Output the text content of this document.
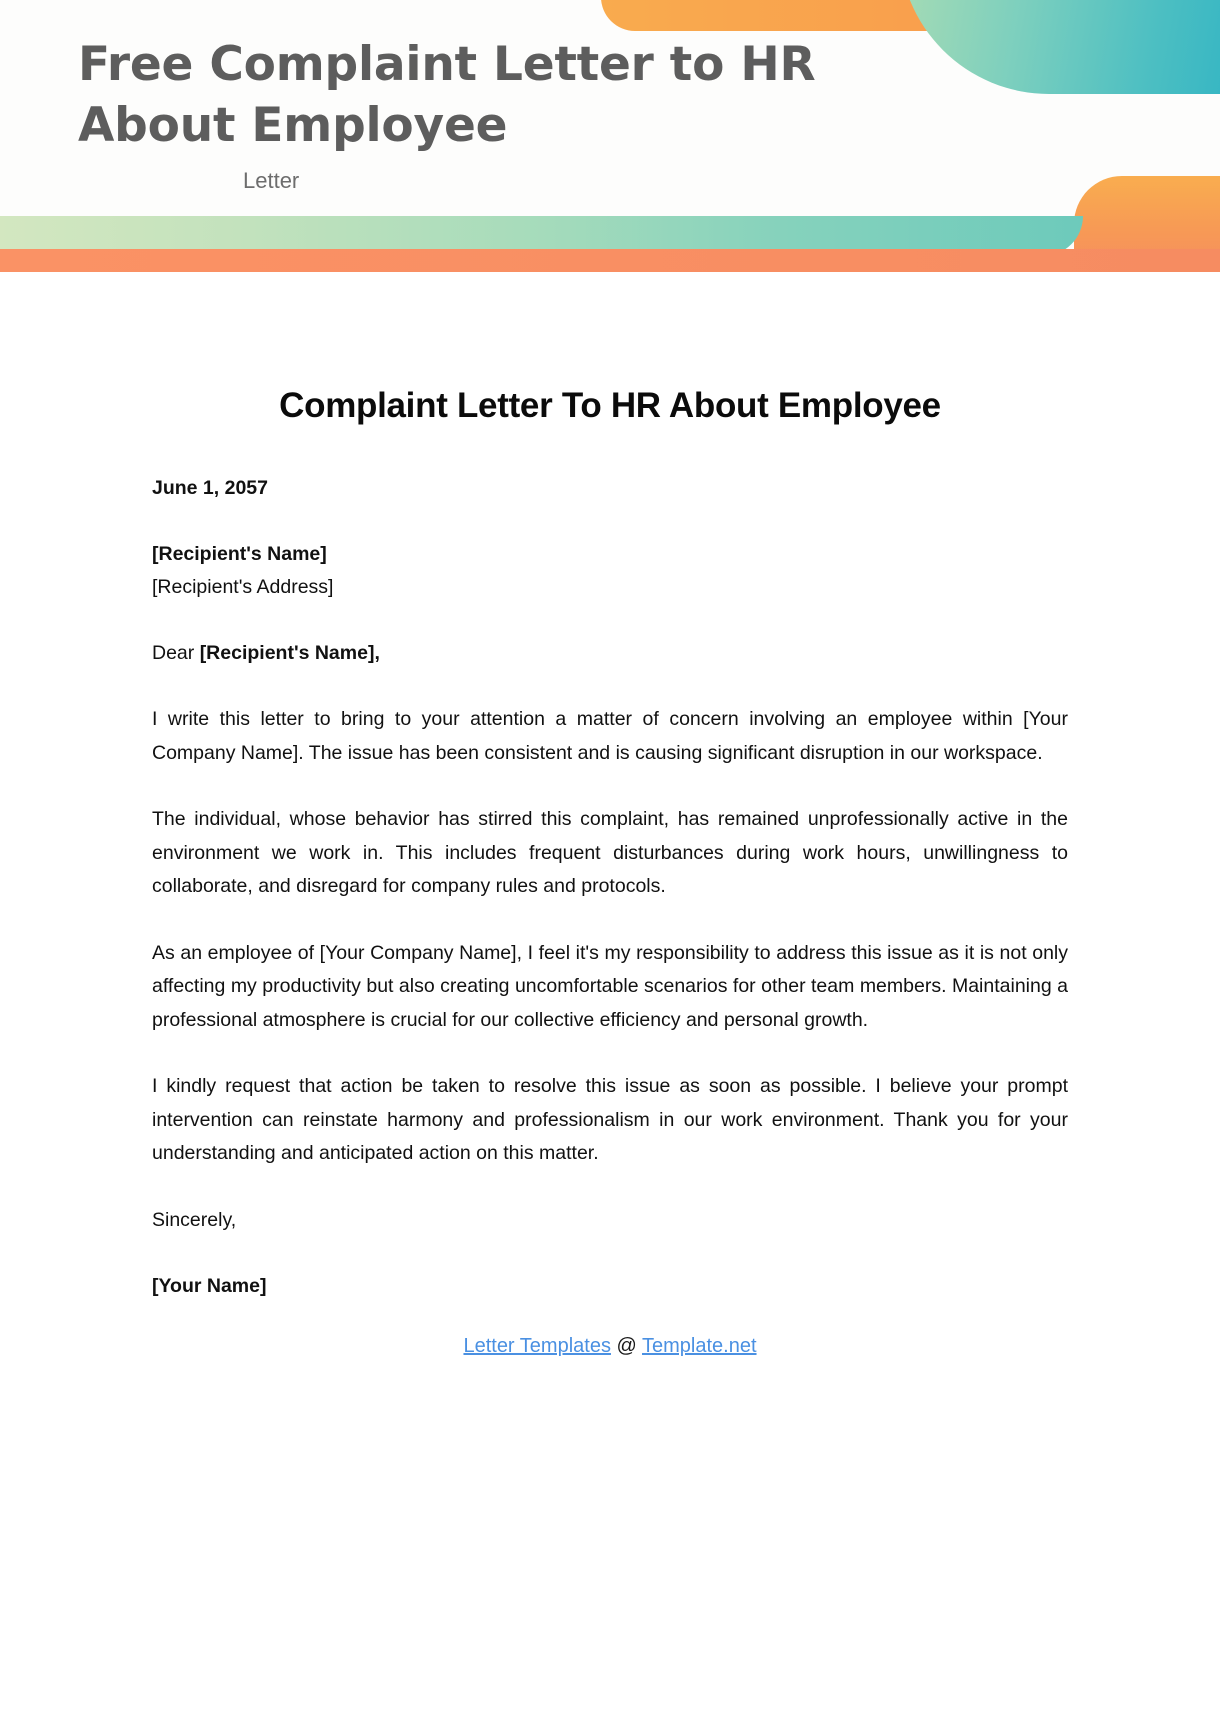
Free Complaint Letter to HR About Employee
Letter
Complaint Letter To HR About Employee

June 1, 2057

[Recipient's Name]

[Recipient's Address]

Dear [Recipient's Name],

I write this letter to bring to your attention a matter of concern involving an employee within [Your Company Name]. The issue has been consistent and is causing significant disruption in our workspace.

The individual, whose behavior has stirred this complaint, has remained unprofessionally active in the environment we work in. This includes frequent disturbances during work hours, unwillingness to collaborate, and disregard for company rules and protocols.

As an employee of [Your Company Name], I feel it's my responsibility to address this issue as it is not only affecting my productivity but also creating uncomfortable scenarios for other team members. Maintaining a professional atmosphere is crucial for our collective efficiency and personal growth.

I kindly request that action be taken to resolve this issue as soon as possible. I believe your prompt intervention can reinstate harmony and professionalism in our work environment. Thank you for your understanding and anticipated action on this matter.

Sincerely,

[Your Name]

Letter Templates @ Template.net
